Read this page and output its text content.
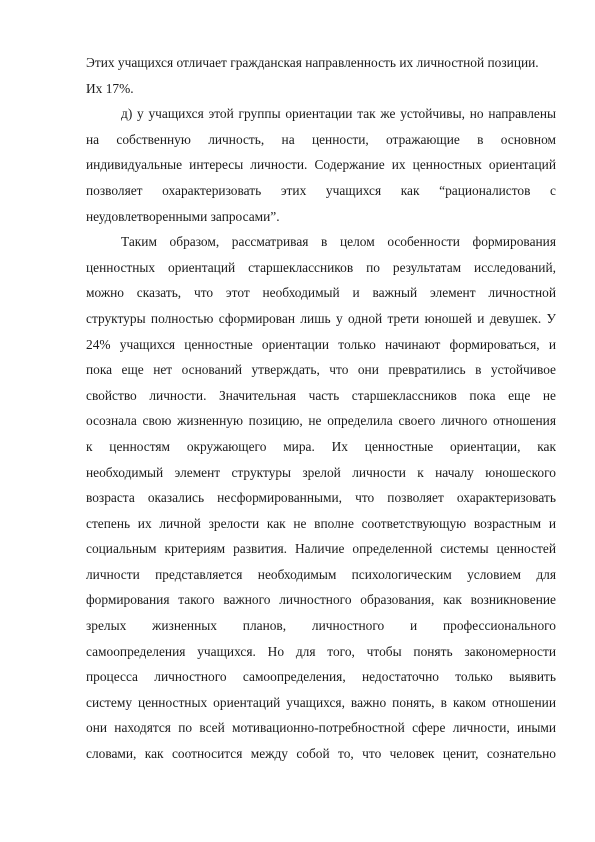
Этих учащихся отличает гражданская направленность их личностной позиции.
Их 17%.
д) у учащихся этой группы ориентации так же устойчивы, но направлены
на собственную личность, на ценности, отражающие в основном
индивидуальные интересы личности. Содержание их ценностных ориентаций
позволяет охарактеризовать этих учащихся как “рационалистов с
неудовлетворенными запросами”.
Таким образом, рассматривая в целом особенности формирования
ценностных ориентаций старшеклассников по результатам исследований,
можно сказать, что этот необходимый и важный элемент личностной
структуры полностью сформирован лишь у одной трети юношей и девушек. У
24% учащихся ценностные ориентации только начинают формироваться, и
пока еще нет оснований утверждать, что они превратились в устойчивое
свойство личности. Значительная часть старшеклассников пока еще не
осознала свою жизненную позицию, не определила своего личного отношения
к ценностям окружающего мира. Их ценностные ориентации, как
необходимый элемент структуры зрелой личности к началу юношеского
возраста оказались несформированными, что позволяет охарактеризовать
степень их личной зрелости как не вполне соответствующую возрастным и
социальным критериям развития. Наличие определенной системы ценностей
личности представляется необходимым психологическим условием для
формирования такого важного личностного образования, как возникновение
зрелых жизненных планов, личностного и профессионального
самоопределения учащихся. Но для того, чтобы понять закономерности
процесса личностного самоопределения, недостаточно только выявить
систему ценностных ориентаций учащихся, важно понять, в каком отношении
они находятся по всей мотивационно-потребностной сфере личности, иными
словами, как соотносится между собой то, что человек ценит, сознательно
